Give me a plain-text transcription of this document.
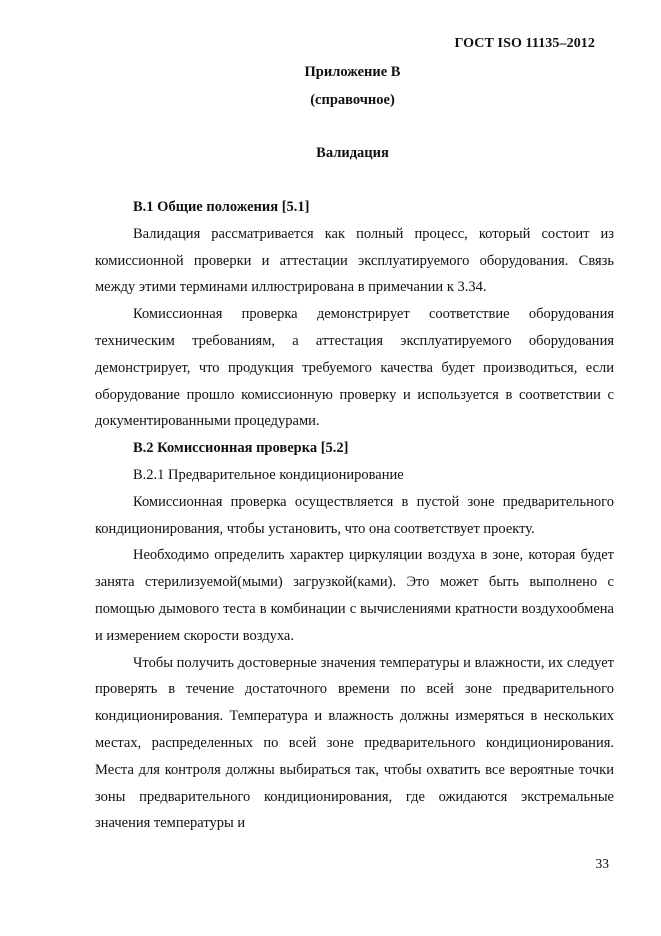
ГОСТ ISO 11135–2012
Приложение В
(справочное)
Валидация

В.1 Общие положения [5.1]

Валидация рассматривается как полный процесс, который состоит из комиссионной проверки и аттестации эксплуатируемого оборудования. Связь между этими терминами иллюстрирована в примечании к 3.34.

Комиссионная проверка демонстрирует соответствие оборудования техническим требованиям, а аттестация эксплуатируемого оборудования демонстрирует, что продукция требуемого качества будет производиться, если оборудование прошло комиссионную проверку и используется в соответствии с документированными процедурами.

В.2 Комиссионная проверка [5.2]

В.2.1 Предварительное кондиционирование

Комиссионная проверка осуществляется в пустой зоне предварительного кондиционирования, чтобы установить, что она соответствует проекту.

Необходимо определить характер циркуляции воздуха в зоне, которая будет занята стерилизуемой(мыми) загрузкой(ками). Это может быть выполнено с помощью дымового теста в комбинации с вычислениями кратности воздухообмена и измерением скорости воздуха.

Чтобы получить достоверные значения температуры и влажности, их следует проверять в течение достаточного времени по всей зоне предварительного кондиционирования. Температура и влажность должны измеряться в нескольких местах, распределенных по всей зоне предварительного кондиционирования. Места для контроля должны выбираться так, чтобы охватить все вероятные точки зоны предварительного кондиционирования, где ожидаются экстремальные значения температуры и

33
